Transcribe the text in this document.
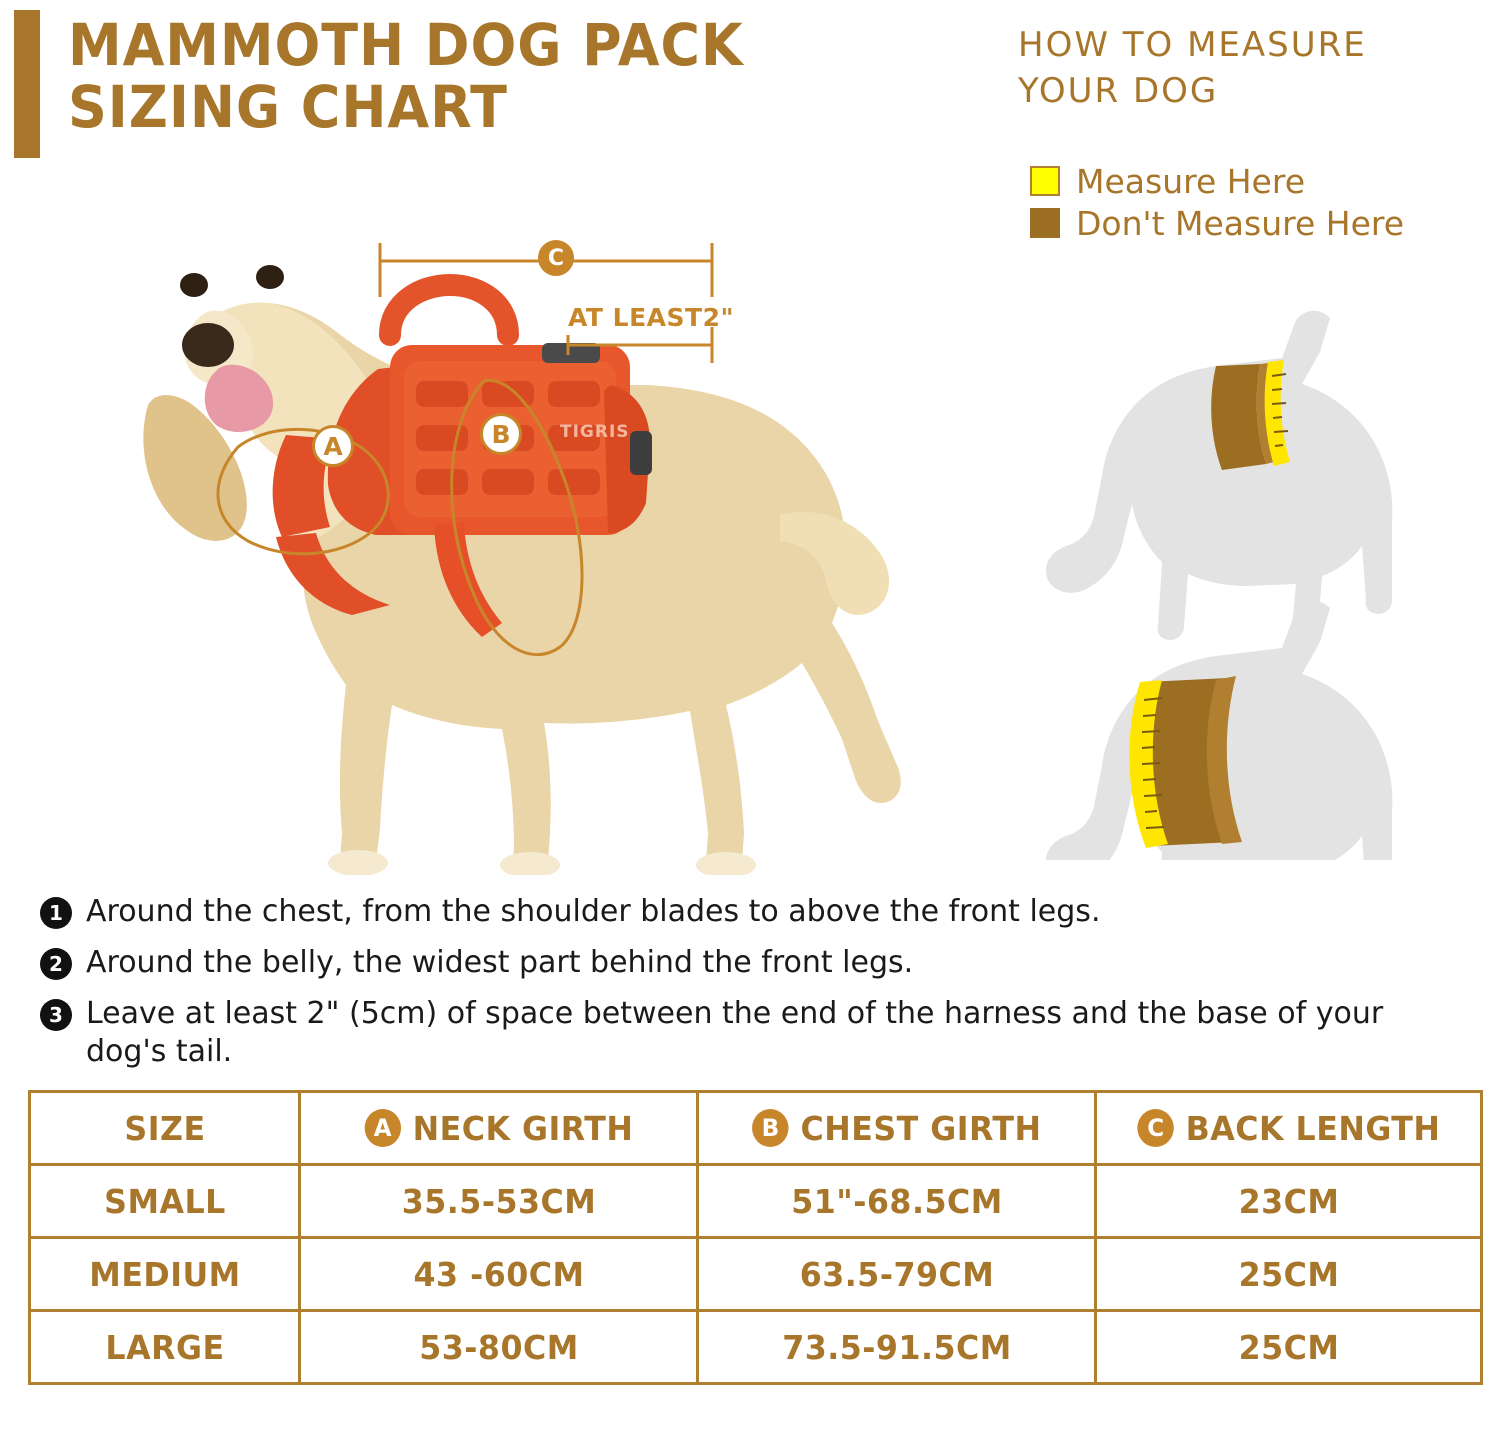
MAMMOTH DOG PACK
SIZING CHART
HOW TO MEASURE
YOUR DOG
Measure Here
Don't Measure Here
TIGRIS
A	B
C
AT LEAST2"
1 Around the chest, from the shoulder blades to above the front legs.
2 Around the belly, the widest part behind the front legs.
3 Leave at least 2" (5cm) of space between the end of the harness and the base of your dog's tail.
SIZE	A NECK GIRTH	B CHEST GIRTH	C BACK LENGTH

SMALL	35.5-53CM	51"-68.5CM	23CM
MEDIUM	43 -60CM	63.5-79CM	25CM
LARGE	53-80CM	73.5-91.5CM	25CM
